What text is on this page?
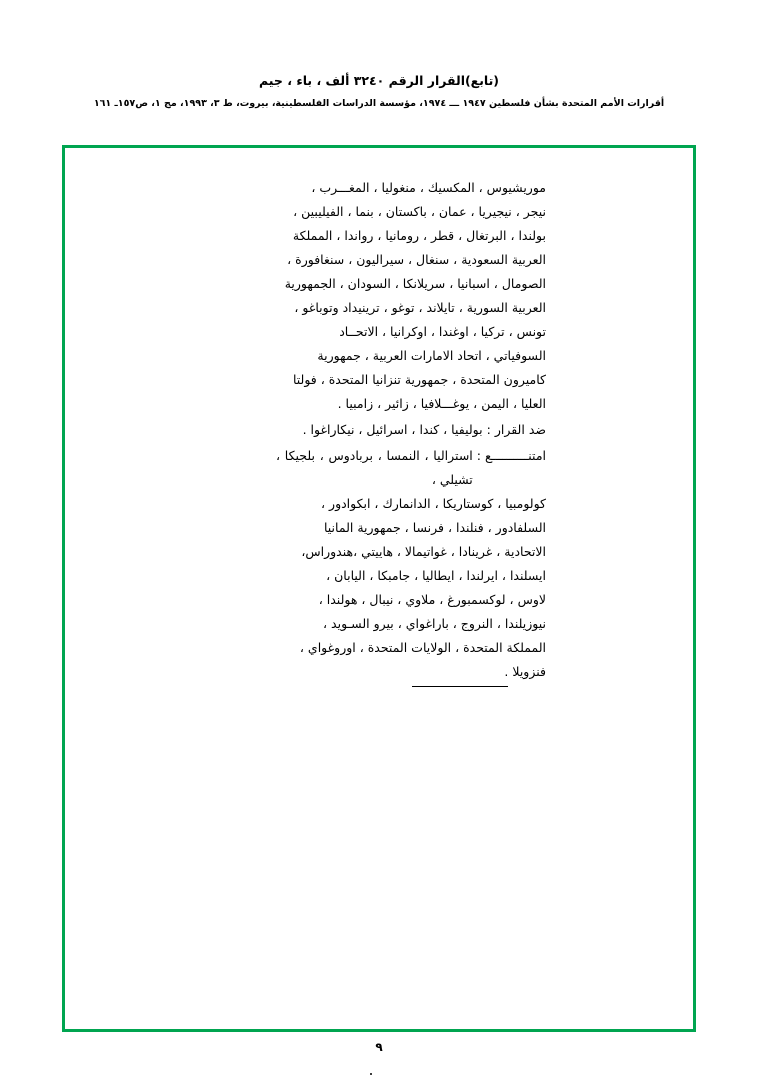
(تابع)القرار الرقم ٣٢٤٠ ألف ، باء ، جيم
أقرارات الأمم المتحدة بشأن فلسطين ١٩٤٧ ـــ ١٩٧٤، مؤسسة الدراسات الفلسطينية، بيروت، ط ٣، ١٩٩٣، مج ١، ص١٥٧ـ ١٦١

موريشيوس ، المكسيك ، منغوليا ، المغـــرب ،

نيجر ، نيجيريا ، عمان ، باكستان ، بنما ، الفيليبين ،

بولندا ، البرتغال ، قطر ، رومانيا ، رواندا ، المملكة

العربية السعودية ، سنغال ، سيراليون ، سنغافورة ،

الصومال ، اسبانيا ، سريلانكا ، السودان ، الجمهورية

العربية السورية ، تايلاند ، توغو ، ترينيداد وتوباغو ،

تونس ، تركيا ، اوغندا ، اوكرانيا ، الاتحــاد

السوفياتي ، اتحاد الامارات العربية ، جمهورية

كاميرون المتحدة ، جمهورية تنزانيا المتحدة ، فولتا

العليا ، اليمن ، يوغـــلافيا ، زائير ، زامبيا .

ضد القرار
:
بوليفيا ، كندا ، اسرائيل ، نيكاراغوا .
امتنــــــــــع
:
استراليا ، النمسا ، بربادوس ، بلجيكا ، تشيلي ،

كولومبيا ، كوستاريكا ، الدانمارك ، ابكوادور ،

السلفادور ، فنلندا ، فرنسا ، جمهورية المانيا

الاتحادية ، غرينادا ، غواتيمالا ، هاييتي ،هندوراس،

ايسلندا ، ايرلندا ، ايطاليا ، جامبكا ، اليابان ،

لاوس ، لوكسمبورغ ، ملاوي ، نيبال ، هولندا ،

نيوزيلندا ، النروج ، باراغواي ، بيرو السـويد ،

المملكة المتحدة ، الولايات المتحدة ، اوروغواي ،

فنزويلا .

٩
